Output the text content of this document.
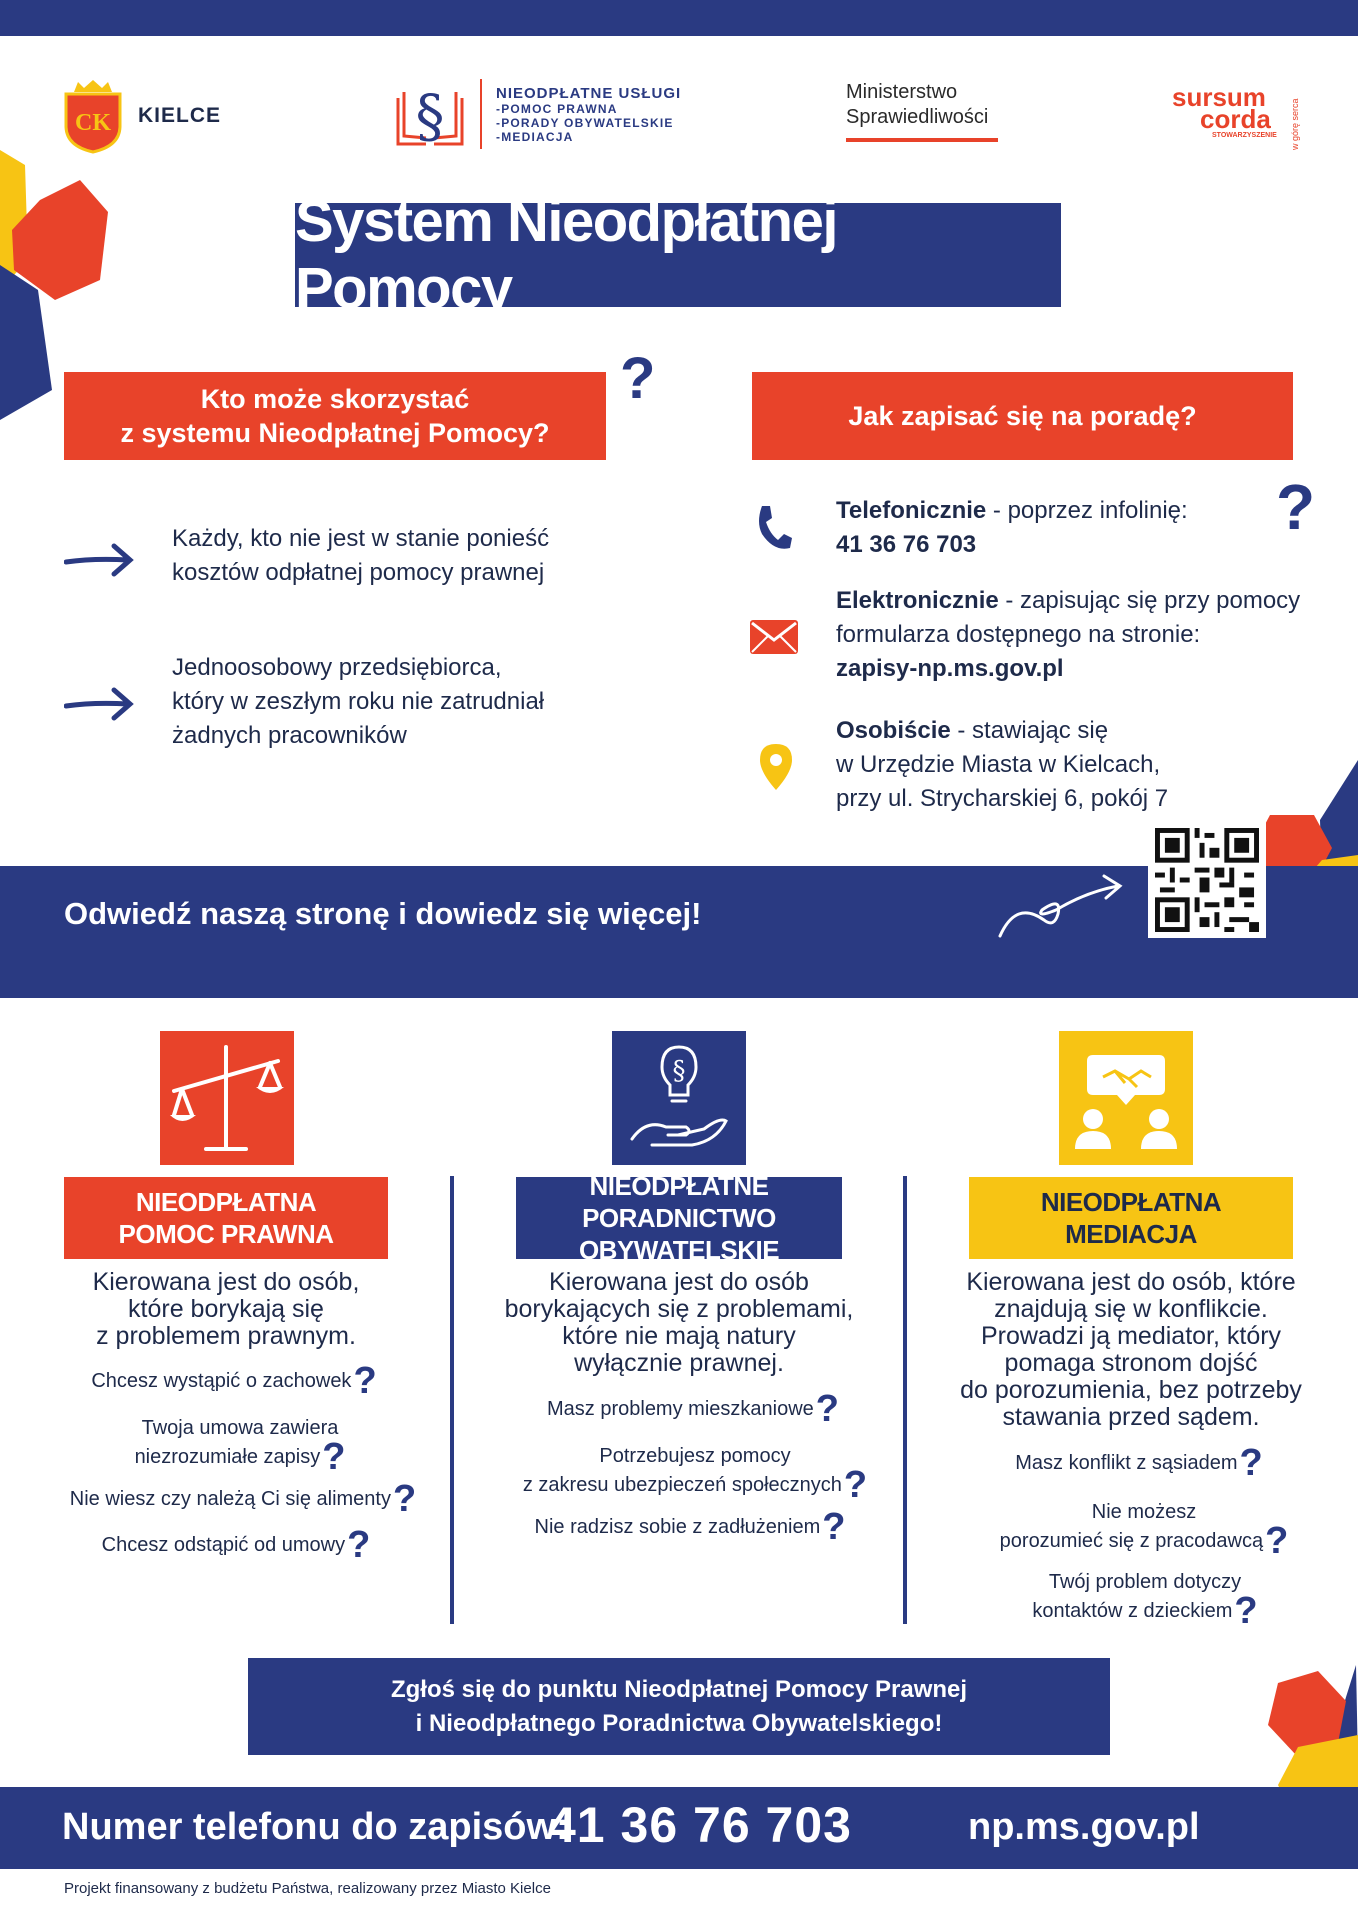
CK KIELCE	§	NIEODPŁATNE USŁUGI
-POMOC PRAWNA
-PORADY OBYWATELSKIE
-MEDIACJA
Ministerstwo
Sprawiedliwości
sursum
corda
STOWARZYSZENIE	w górę serca
System Nieodpłatnej Pomocy
Kto może skorzystać
z systemu Nieodpłatnej Pomocy?
?
Każdy, kto nie jest w stanie ponieść
kosztów odpłatnej pomocy prawnej
Jednoosobowy przedsiębiorca,
który w zeszłym roku nie zatrudniał
żadnych pracowników
Jak zapisać się na poradę?
?
Telefonicznie - poprzez infolinię:
41 36 76 703
Elektronicznie - zapisując się przy pomocy
formularza dostępnego na stronie:
zapisy-np.ms.gov.pl
Osobiście - stawiając się
w Urzędzie Miasta w Kielcach,
przy ul. Strycharskiej 6, pokój 7
Odwiedź naszą stronę i dowiedz się więcej!
§
NIEODPŁATNA
POMOC PRAWNA
NIEODPŁATNE
PORADNICTWO OBYWATELSKIE
NIEODPŁATNA
MEDIACJA
Kierowana jest do osób,
które borykają się
z problemem prawnym.
Kierowana jest do osób
borykających się z problemami,
które nie mają natury
wyłącznie prawnej.
Kierowana jest do osób, które
znajdują się w konflikcie.
Prowadzi ją mediator, który
pomaga stronom dojść
do porozumienia, bez potrzeby
stawania przed sądem.
Chcesz wystąpić o zachowek?
Twoja umowa zawiera
niezrozumiałe zapisy?
Nie wiesz czy należą Ci się alimenty?
Chcesz odstąpić od umowy?
Masz problemy mieszkaniowe?
Potrzebujesz pomocy
z zakresu ubezpieczeń społecznych?
Nie radzisz sobie z zadłużeniem?
Masz konflikt z sąsiadem?
Nie możesz
porozumieć się z pracodawcą?
Twój problem dotyczy
kontaktów z dzieckiem?
Zgłoś się do punktu Nieodpłatnej Pomocy Prawnej
i Nieodpłatnego Poradnictwa Obywatelskiego!
Numer telefonu do zapisów:
41 36 76 703	np.ms.gov.pl
Projekt finansowany z budżetu Państwa, realizowany przez Miasto Kielce
